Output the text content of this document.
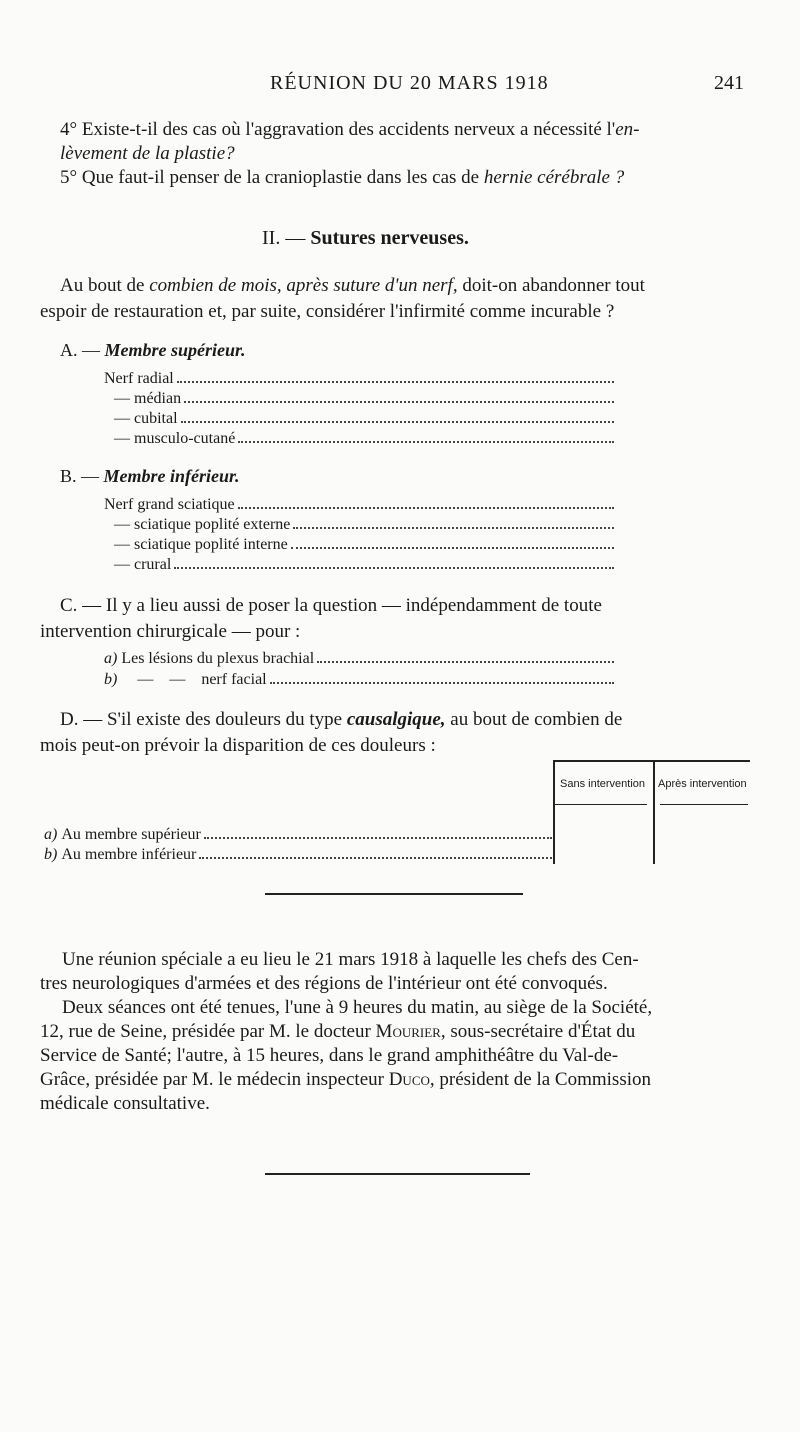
RÉUNION DU 20 MARS 1918	241
4° Existe-t-il des cas où l'aggravation des accidents nerveux a nécessité l'en-
lèvement de la plastie?
5° Que faut-il penser de la cranioplastie dans les cas de hernie cérébrale ?
II. — Sutures nerveuses.
Au bout de combien de mois, après suture d'un nerf, doit-on abandonner tout
espoir de restauration et, par suite, considérer l'infirmité comme incurable ?
A. — Membre supérieur.
Nerf radial
— médian
— cubital
— musculo-cutané
B. — Membre inférieur.
Nerf grand sciatique
— sciatique poplité externe
— sciatique poplité interne
— crural
C. — Il y a lieu aussi de poser la question — indépendamment de toute
intervention chirurgicale — pour :
a)
Les lésions du plexus brachial
b)
—    —    nerf facial
D. — S'il existe des douleurs du type causalgique, au bout de combien de
mois peut-on prévoir la disparition de ces douleurs :
Sans intervention Après intervention
a)
Au membre supérieur
b)
Au membre inférieur
Une réunion spéciale a eu lieu le 21 mars 1918 à laquelle les chefs des Cen-
tres neurologiques d'armées et des régions de l'intérieur ont été convoqués.
Deux séances ont été tenues, l'une à 9 heures du matin, au siège de la Société,
12, rue de Seine, présidée par M. le docteur Mourier, sous-secrétaire d'État du
Service de Santé; l'autre, à 15 heures, dans le grand amphithéâtre du Val-de-
Grâce, présidée par M. le médecin inspecteur Duco, président de la Commission
médicale consultative.
